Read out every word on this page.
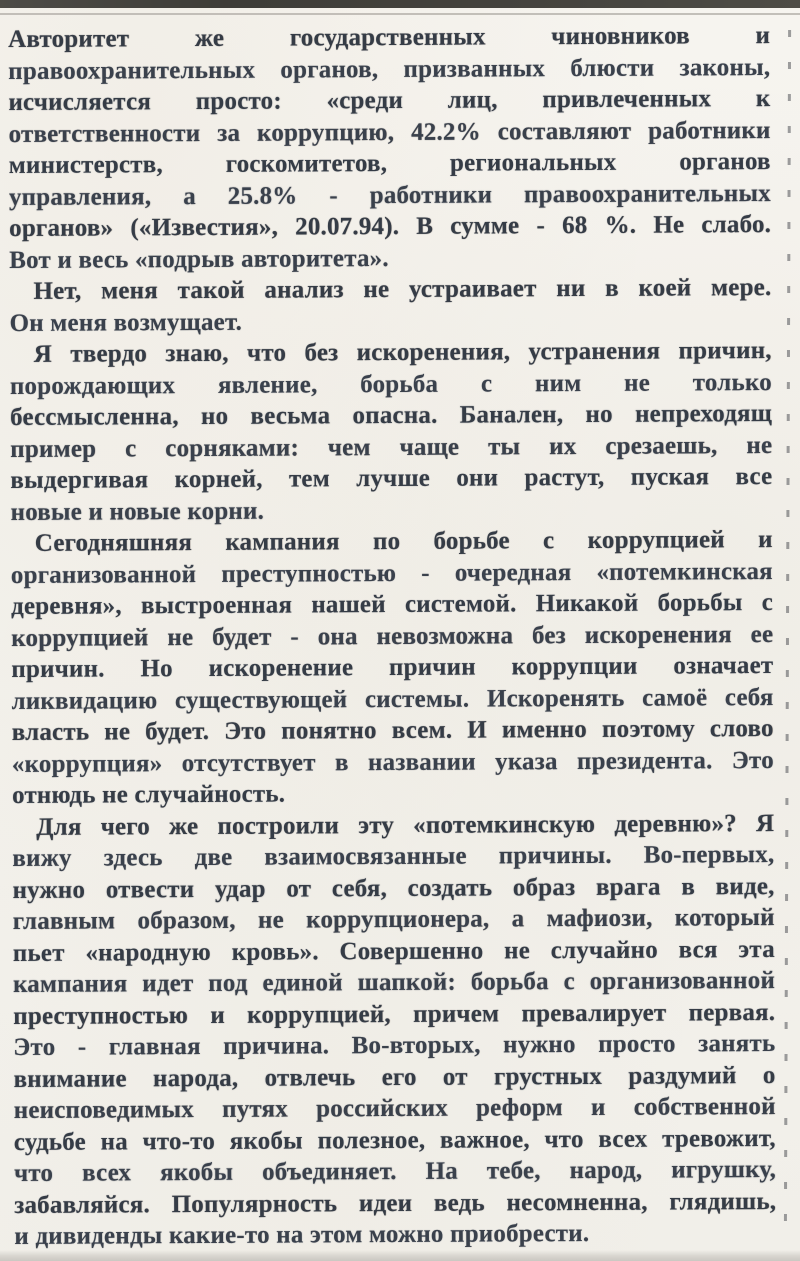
Авторитет же государственных чиновников и
правоохранительных органов, призванных блюсти законы,
исчисляется просто: «среди лиц, привлеченных к
ответственности за коррупцию, 42.2% составляют работники
министерств, госкомитетов, региональных органов
управления, а 25.8% - работники правоохранительных
органов» («Известия», 20.07.94). В сумме - 68 %. Не слабо.
Вот и весь «подрыв авторитета».
Нет, меня такой анализ не устраивает ни в коей мере.
Он меня возмущает.
Я твердо знаю, что без искоренения, устранения причин,
порождающих явление, борьба с ним не только
бессмысленна, но весьма опасна. Банален, но непреходящ
пример с сорняками: чем чаще ты их срезаешь, не
выдергивая корней, тем лучше они растут, пуская все
новые и новые корни.
Сегодняшняя кампания по борьбе с коррупцией и
организованной преступностью - очередная «потемкинская
деревня», выстроенная нашей системой. Никакой борьбы с
коррупцией не будет - она невозможна без искоренения ее
причин. Но искоренение причин коррупции означает
ликвидацию существующей системы. Искоренять самоё себя
власть не будет. Это понятно всем. И именно поэтому слово
«коррупция» отсутствует в названии указа президента. Это
отнюдь не случайность.
Для чего же построили эту «потемкинскую деревню»? Я
вижу здесь две взаимосвязанные причины. Во-первых,
нужно отвести удар от себя, создать образ врага в виде,
главным образом, не коррупционера, а мафиози, который
пьет «народную кровь». Совершенно не случайно вся эта
кампания идет под единой шапкой: борьба с организованной
преступностью и коррупцией, причем превалирует первая.
Это - главная причина. Во-вторых, нужно просто занять
внимание народа, отвлечь его от грустных раздумий о
неисповедимых путях российских реформ и собственной
судьбе на что-то якобы полезное, важное, что всех тревожит,
что всех якобы объединяет. На тебе, народ, игрушку,
забавляйся. Популярность идеи ведь несомненна, глядишь,
и дивиденды какие-то на этом можно приобрести.
